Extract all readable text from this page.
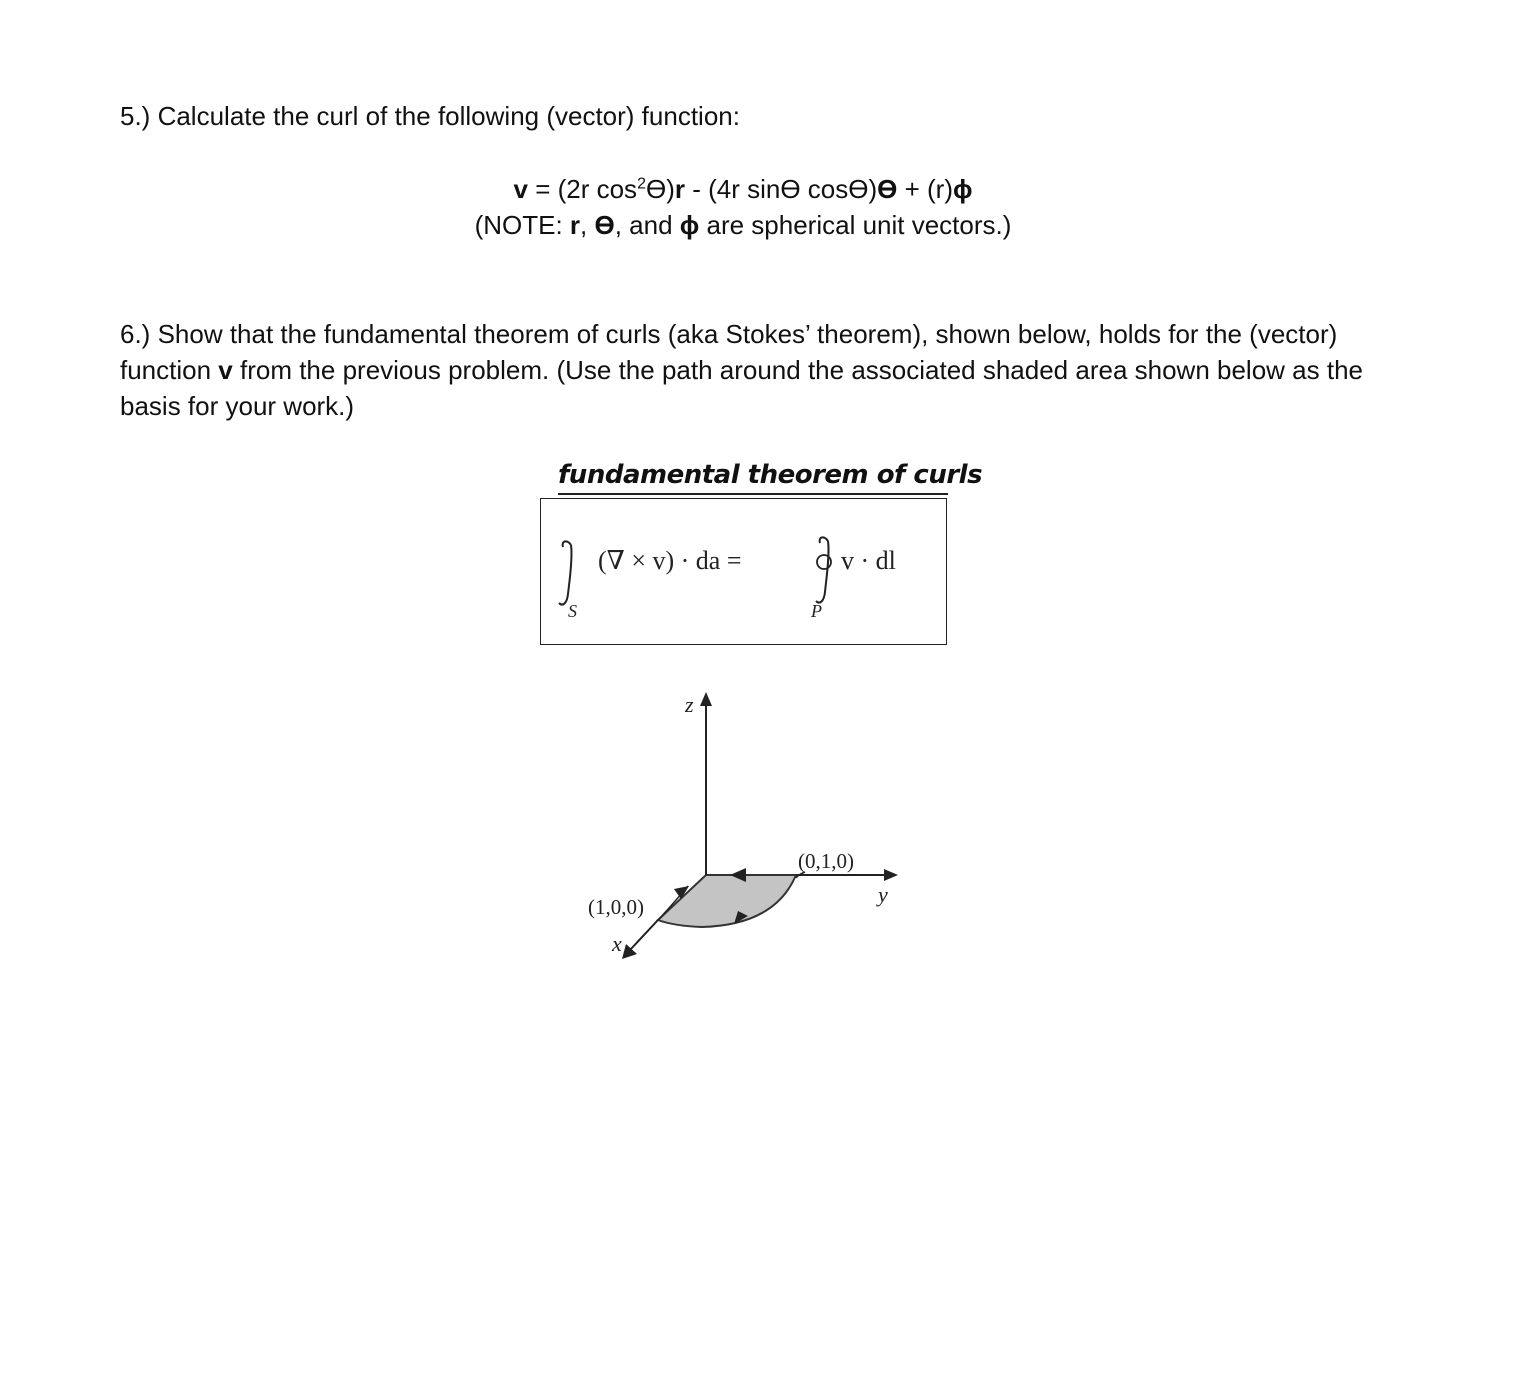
5.) Calculate the curl of the following (vector) function:
v = (2r $\cos^2ϴ)r - (4r$ sinϴ cosϴ)ϴ + (r)ϕ
(NOTE: r, ϴ, and ϕ are spherical unit vectors.)
6.) Show that the fundamental theorem of curls (aka Stokes’ theorem), shown below, holds for the (vector) function v from the previous problem. (Use the path around the associated shaded area shown below as the basis for your work.)
fundamental theorem of curls
(∇ × v) · da =
S
v · dl
P
z
y
x
(0,1,0)
(1,0,0)
